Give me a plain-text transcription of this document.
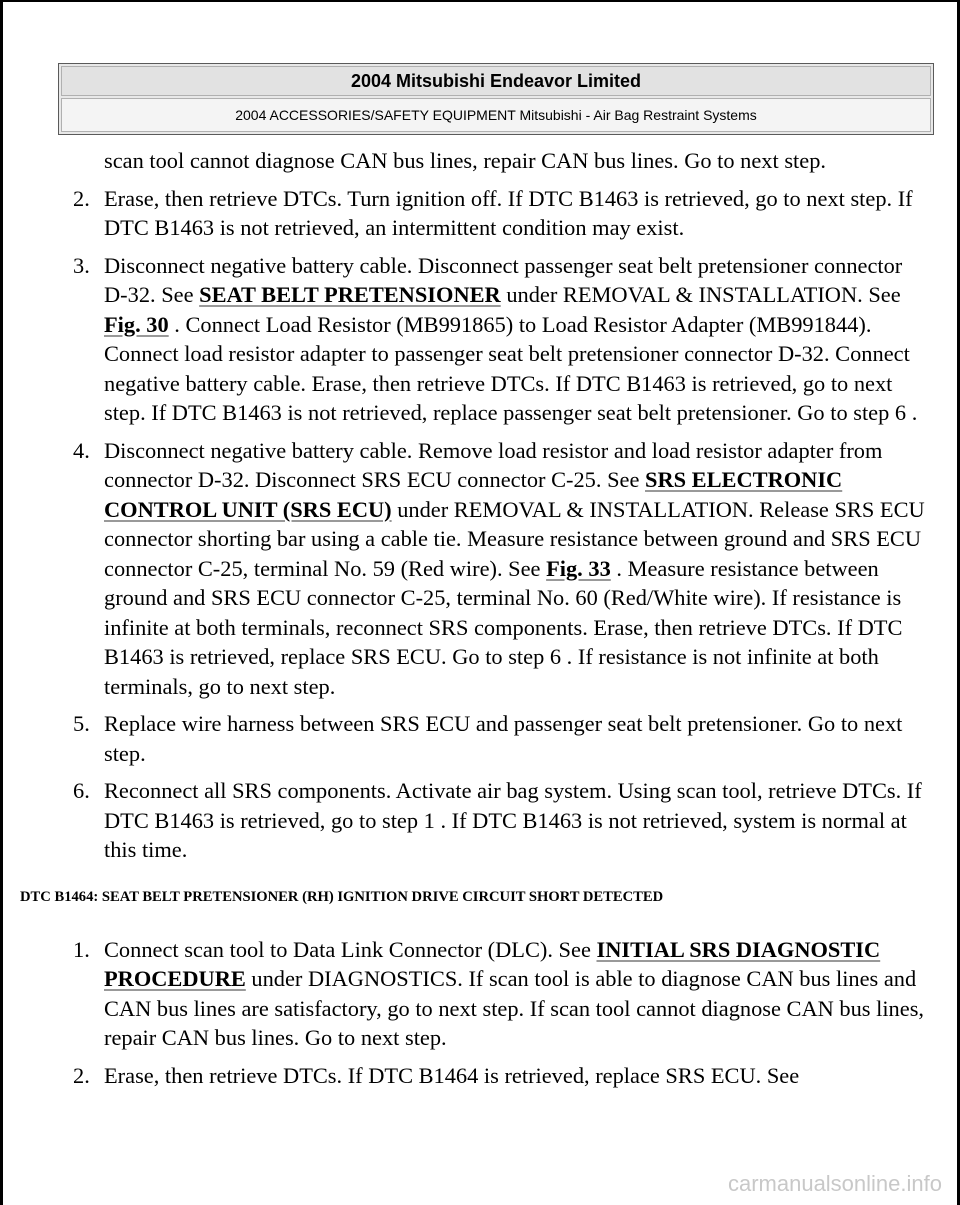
2004 Mitsubishi Endeavor Limited
2004 ACCESSORIES/SAFETY EQUIPMENT Mitsubishi - Air Bag Restraint Systems
scan tool cannot diagnose CAN bus lines, repair CAN bus lines. Go to next step.
2. Erase, then retrieve DTCs. Turn ignition off. If DTC B1463 is retrieved, go to next step. If DTC B1463 is not retrieved, an intermittent condition may exist.
3. Disconnect negative battery cable. Disconnect passenger seat belt pretensioner connector D-32. See SEAT BELT PRETENSIONER under REMOVAL & INSTALLATION. See Fig. 30 . Connect Load Resistor (MB991865) to Load Resistor Adapter (MB991844). Connect load resistor adapter to passenger seat belt pretensioner connector D-32. Connect negative battery cable. Erase, then retrieve DTCs. If DTC B1463 is retrieved, go to next step. If DTC B1463 is not retrieved, replace passenger seat belt pretensioner. Go to step 6 .
4. Disconnect negative battery cable. Remove load resistor and load resistor adapter from connector D-32. Disconnect SRS ECU connector C-25. See SRS ELECTRONIC CONTROL UNIT (SRS ECU) under REMOVAL & INSTALLATION. Release SRS ECU connector shorting bar using a cable tie. Measure resistance between ground and SRS ECU connector C-25, terminal No. 59 (Red wire). See Fig. 33 . Measure resistance between ground and SRS ECU connector C-25, terminal No. 60 (Red/White wire). If resistance is infinite at both terminals, reconnect SRS components. Erase, then retrieve DTCs. If DTC B1463 is retrieved, replace SRS ECU. Go to step 6 . If resistance is not infinite at both terminals, go to next step.
5. Replace wire harness between SRS ECU and passenger seat belt pretensioner. Go to next step.
6. Reconnect all SRS components. Activate air bag system. Using scan tool, retrieve DTCs. If DTC B1463 is retrieved, go to step 1 . If DTC B1463 is not retrieved, system is normal at this time.
DTC B1464: SEAT BELT PRETENSIONER (RH) IGNITION DRIVE CIRCUIT SHORT DETECTED
1. Connect scan tool to Data Link Connector (DLC). See INITIAL SRS DIAGNOSTIC PROCEDURE under DIAGNOSTICS. If scan tool is able to diagnose CAN bus lines and CAN bus lines are satisfactory, go to next step. If scan tool cannot diagnose CAN bus lines, repair CAN bus lines. Go to next step.
2. Erase, then retrieve DTCs. If DTC B1464 is retrieved, replace SRS ECU. See
carmanualsonline.info
